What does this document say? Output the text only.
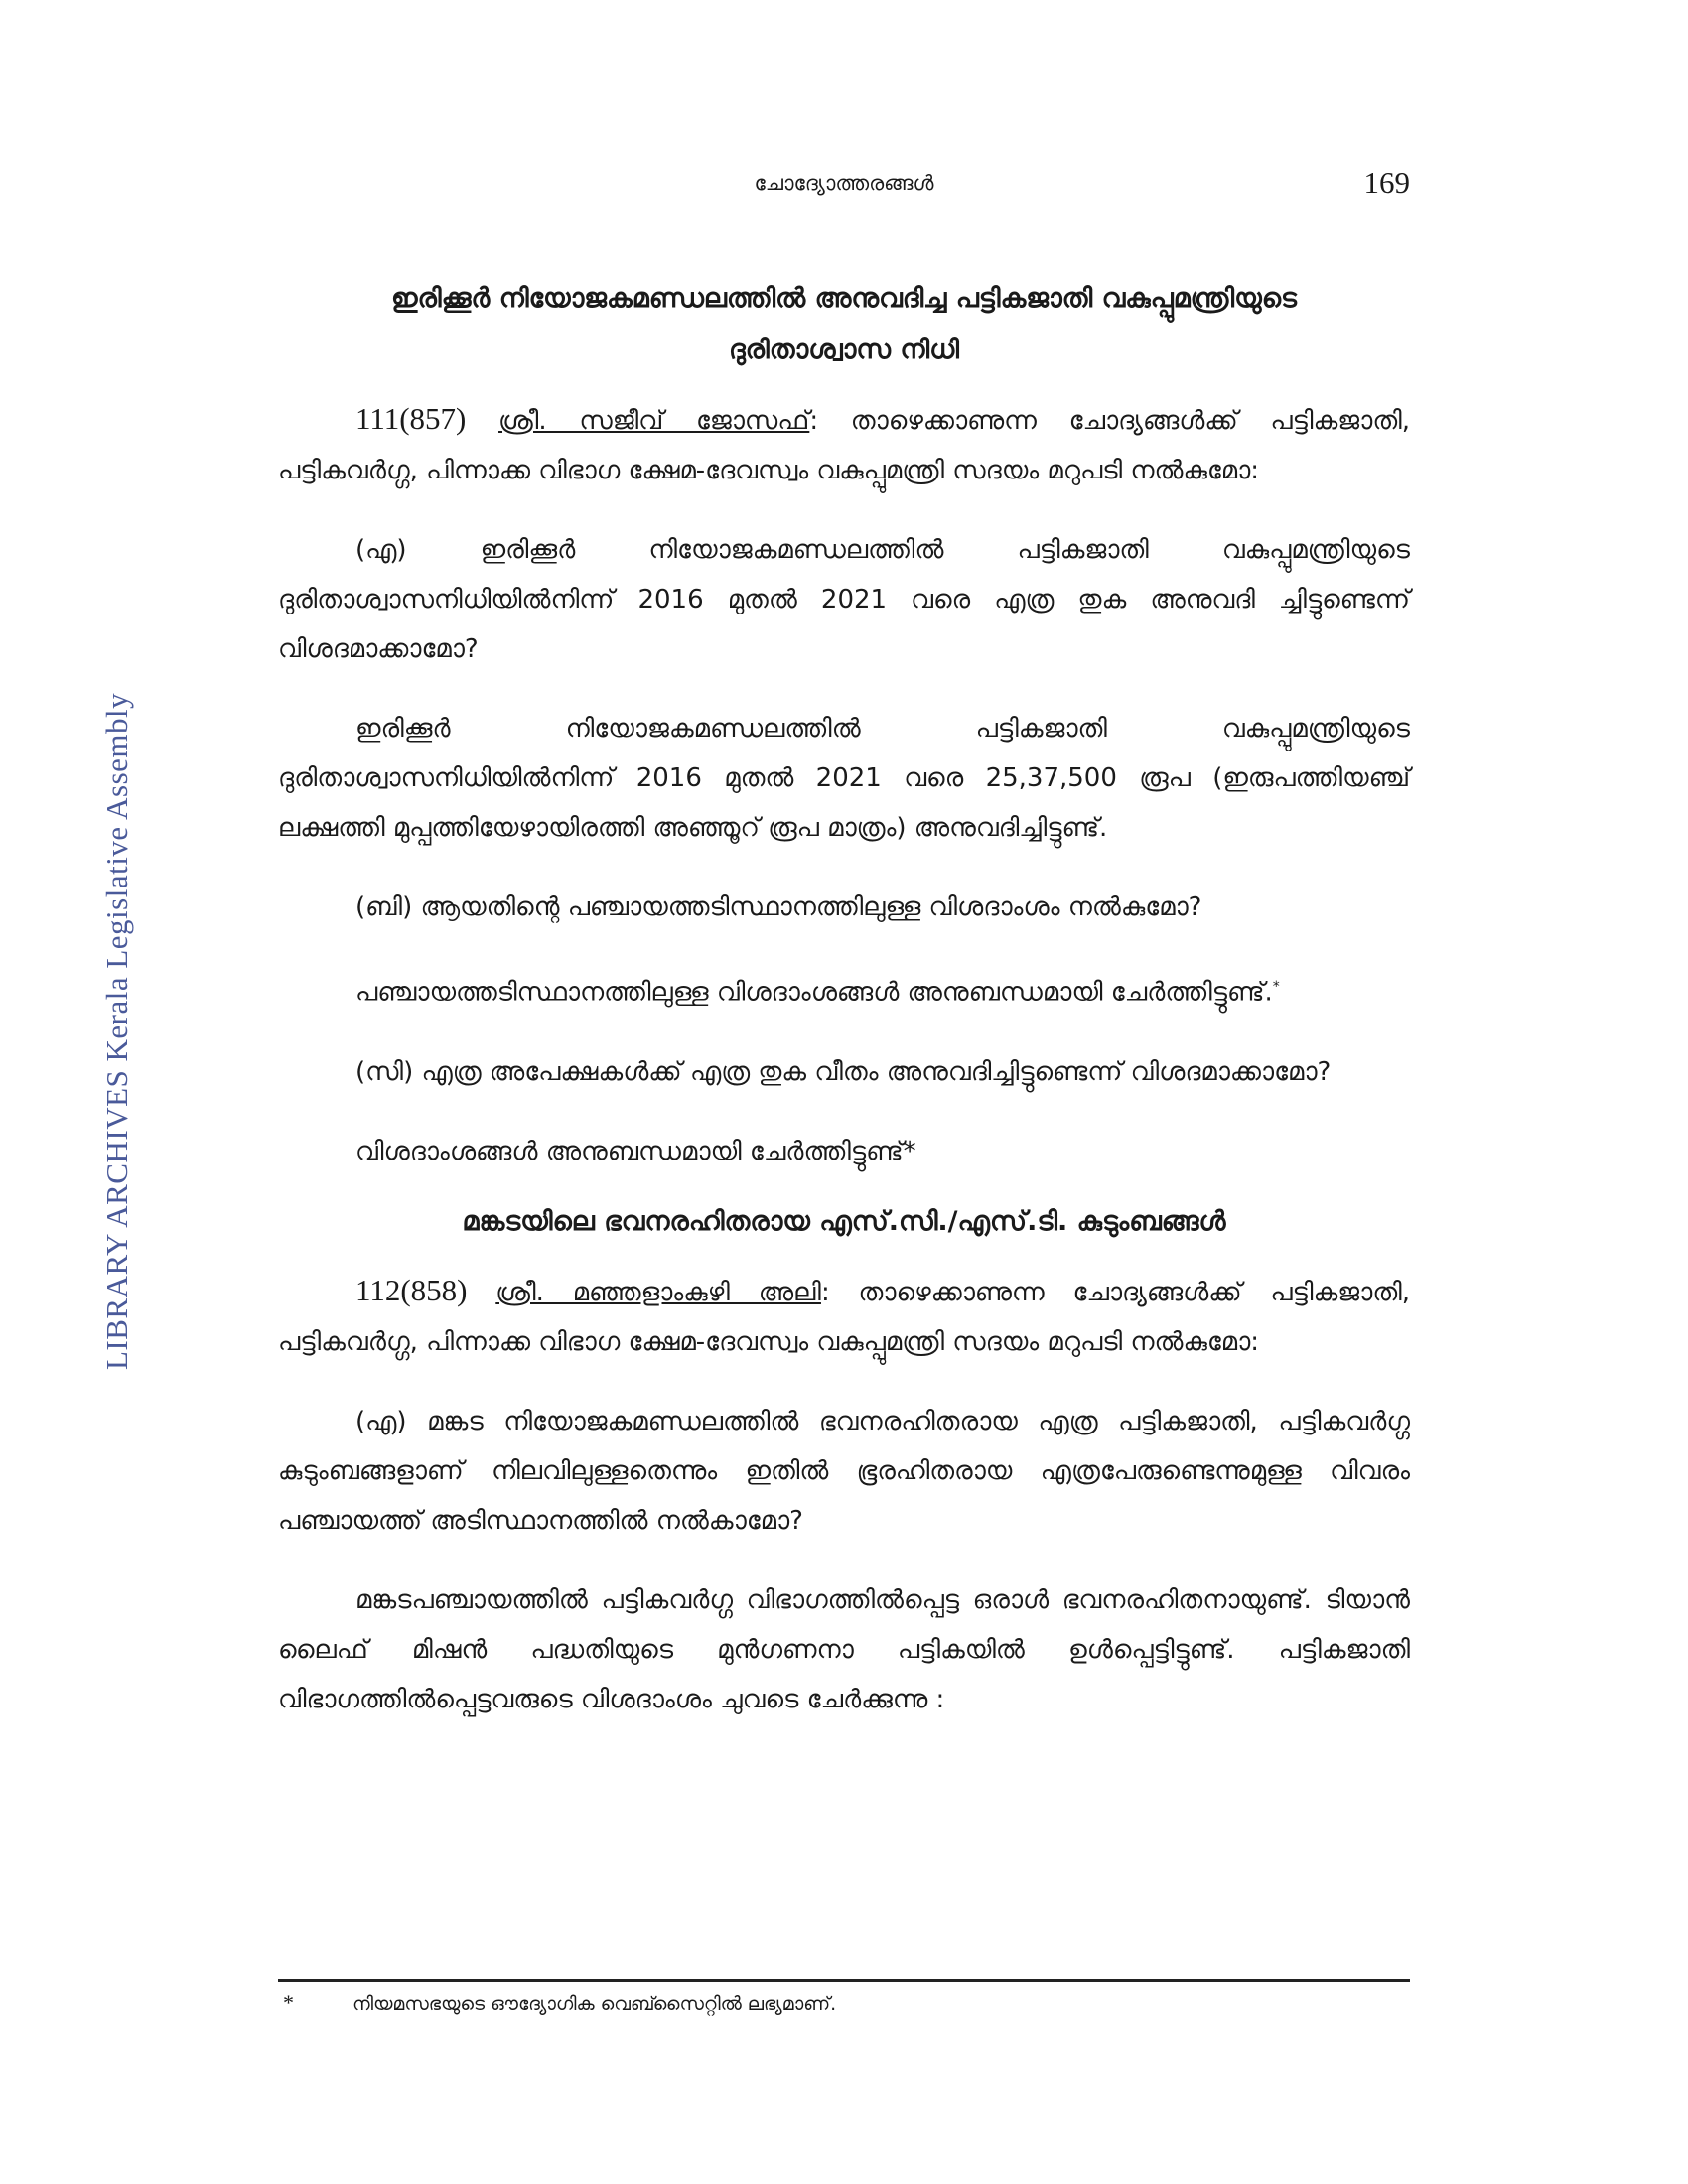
LIBRARY ARCHIVES Kerala Legislative Assembly
ചോദ്യോത്തരങ്ങൾ	169
ഇരിക്കൂർ നിയോജകമണ്ഡലത്തിൽ അനുവദിച്ച പട്ടികജാതി വകുപ്പുമന്ത്രിയുടെ
ദുരിതാശ്വാസ നിധി

111(857) ശ്രീ. സജീവ് ജോസഫ്: താഴെക്കാണുന്ന ചോദ്യങ്ങൾക്ക് പട്ടികജാതി, പട്ടികവർഗ്ഗ, പിന്നാക്ക വിഭാഗ ക്ഷേമ-ദേവസ്വം വകുപ്പുമന്ത്രി സദയം മറുപടി നൽകുമോ:

(എ) ഇരിക്കൂർ നിയോജകമണ്ഡലത്തിൽ പട്ടികജാതി വകുപ്പുമന്ത്രിയുടെ ദുരിതാശ്വാസനിധിയിൽനിന്ന് 2016 മുതൽ 2021 വരെ എത്ര തുക അനുവദി ച്ചിട്ടുണ്ടെന്ന് വിശദമാക്കാമോ?

ഇരിക്കൂർ നിയോജകമണ്ഡലത്തിൽ പട്ടികജാതി വകുപ്പുമന്ത്രിയുടെ ദുരിതാശ്വാസനിധിയിൽനിന്ന് 2016 മുതൽ 2021 വരെ 25,37,500 രൂപ (ഇരുപത്തിയഞ്ച് ലക്ഷത്തി മുപ്പത്തിയേഴായിരത്തി അഞ്ഞൂറ് രൂപ മാത്രം) അനുവദിച്ചിട്ടുണ്ട്.

(ബി) ആയതിന്റെ പഞ്ചായത്തടിസ്ഥാനത്തിലുള്ള വിശദാംശം നൽകുമോ?

പഞ്ചായത്തടിസ്ഥാനത്തിലുള്ള വിശദാംശങ്ങൾ അനുബന്ധമായി ചേർത്തിട്ടുണ്ട്.*

(സി) എത്ര അപേക്ഷകൾക്ക് എത്ര തുക വീതം അനുവദിച്ചിട്ടുണ്ടെന്ന് വിശദമാക്കാമോ?

വിശദാംശങ്ങൾ അനുബന്ധമായി ചേർത്തിട്ടുണ്ട്*

മങ്കടയിലെ ഭവനരഹിതരായ എസ്.സി./എസ്.ടി. കുടുംബങ്ങൾ

112(858) ശ്രീ. മഞ്ഞളാംകുഴി അലി: താഴെക്കാണുന്ന ചോദ്യങ്ങൾക്ക് പട്ടികജാതി, പട്ടികവർഗ്ഗ, പിന്നാക്ക വിഭാഗ ക്ഷേമ-ദേവസ്വം വകുപ്പുമന്ത്രി സദയം മറുപടി നൽകുമോ:

(എ) മങ്കട നിയോജകമണ്ഡലത്തിൽ ഭവനരഹിതരായ എത്ര പട്ടികജാതി, പട്ടികവർഗ്ഗ കുടുംബങ്ങളാണ് നിലവിലുള്ളതെന്നും ഇതിൽ ഭൂരഹിതരായ എത്രപേരുണ്ടെന്നുമുള്ള വിവരം പഞ്ചായത്ത് അടിസ്ഥാനത്തിൽ നൽകാമോ?

മങ്കടപഞ്ചായത്തിൽ പട്ടികവർഗ്ഗ വിഭാഗത്തിൽപ്പെട്ട ഒരാൾ ഭവനരഹിതനായുണ്ട്. ടിയാൻ ലൈഫ് മിഷൻ പദ്ധതിയുടെ മുൻഗണനാ പട്ടികയിൽ ഉൾപ്പെട്ടിട്ടുണ്ട്. പട്ടികജാതി വിഭാഗത്തിൽപ്പെട്ടവരുടെ വിശദാംശം ചുവടെ ചേർക്കുന്നു :

*	നിയമസഭയുടെ ഔദ്യോഗിക വെബ്സൈറ്റിൽ ലഭ്യമാണ്.
